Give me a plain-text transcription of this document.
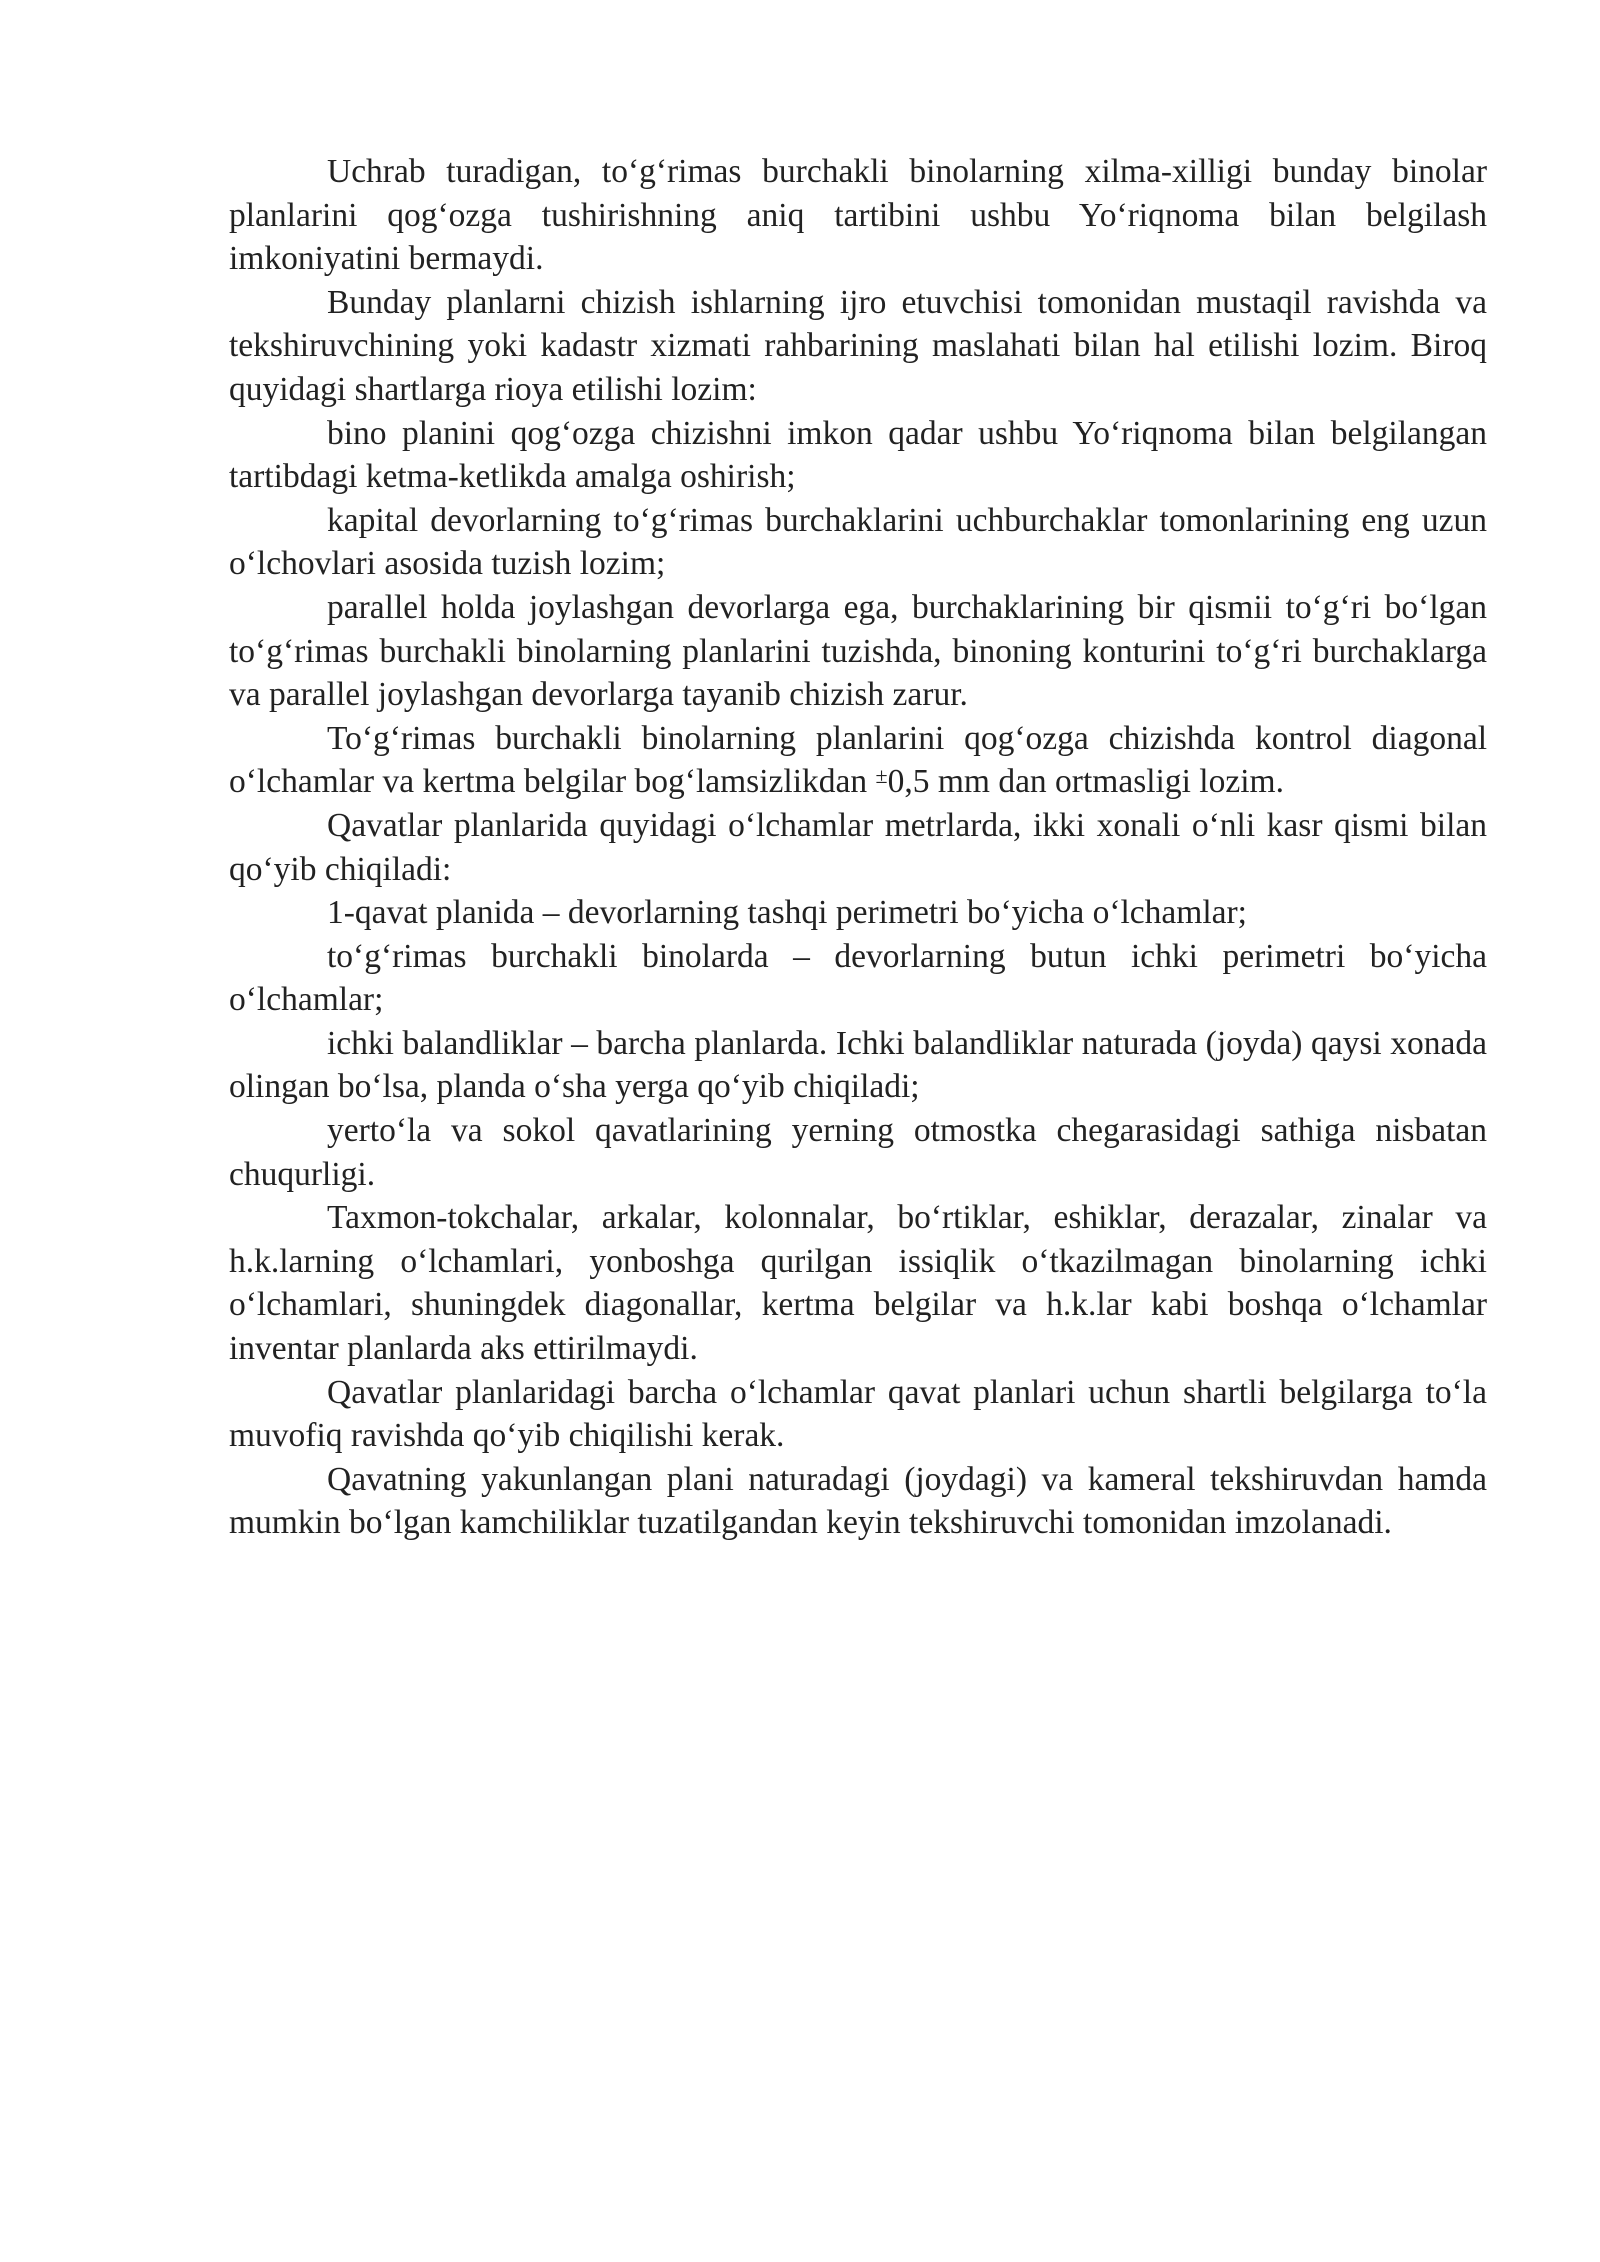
Uchrab turadigan, to‘g‘rimas burchakli binolarning xilma-xilligi bunday binolar planlarini qog‘ozga tushirishning aniq tartibini ushbu Yo‘riqnoma bilan belgilash imkoniyatini bermaydi.

Bunday planlarni chizish ishlarning ijro etuvchisi tomonidan mustaqil ravishda va tekshiruvchining yoki kadastr xizmati rahbarining maslahati bilan hal etilishi lozim. Biroq quyidagi shartlarga rioya etilishi lozim:

bino planini qog‘ozga chizishni imkon qadar ushbu Yo‘riqnoma bilan belgilangan tartibdagi ketma-ketlikda amalga oshirish;

kapital devorlarning to‘g‘rimas burchaklarini uchburchaklar tomonlarining eng uzun o‘lchovlari asosida tuzish lozim;

parallel holda joylashgan devorlarga ega, burchaklarining bir qismii to‘g‘ri bo‘lgan to‘g‘rimas burchakli binolarning planlarini tuzishda, binoning konturini to‘g‘ri burchaklarga va parallel joylashgan devorlarga tayanib chizish zarur.

To‘g‘rimas burchakli binolarning planlarini qog‘ozga chizishda kontrol diagonal o‘lchamlar va kertma belgilar bog‘lamsizlikdan ±0,5 mm dan ortmasligi lozim.

Qavatlar planlarida quyidagi o‘lchamlar metrlarda, ikki xonali o‘nli kasr qismi bilan qo‘yib chiqiladi:

1-qavat planida – devorlarning tashqi perimetri bo‘yicha o‘lchamlar;

to‘g‘rimas burchakli binolarda – devorlarning butun ichki perimetri bo‘yicha o‘lchamlar;

ichki balandliklar – barcha planlarda. Ichki balandliklar naturada (joyda) qaysi xonada olingan bo‘lsa, planda o‘sha yerga qo‘yib chiqiladi;

yerto‘la va sokol qavatlarining yerning otmostka chegarasidagi sathiga nisbatan chuqurligi.

Taxmon-tokchalar, arkalar, kolonnalar, bo‘rtiklar, eshiklar, derazalar, zinalar va h.k.larning o‘lchamlari, yonboshga qurilgan issiqlik o‘tkazilmagan binolarning ichki o‘lchamlari, shuningdek diagonallar, kertma belgilar va h.k.lar kabi boshqa o‘lchamlar inventar planlarda aks ettirilmaydi.

Qavatlar planlaridagi barcha o‘lchamlar qavat planlari uchun shartli belgilarga to‘la muvofiq ravishda qo‘yib chiqilishi kerak.

Qavatning yakunlangan plani naturadagi (joydagi) va kameral tekshiruvdan hamda mumkin bo‘lgan kamchiliklar tuzatilgandan keyin tekshiruvchi tomonidan imzolanadi.
